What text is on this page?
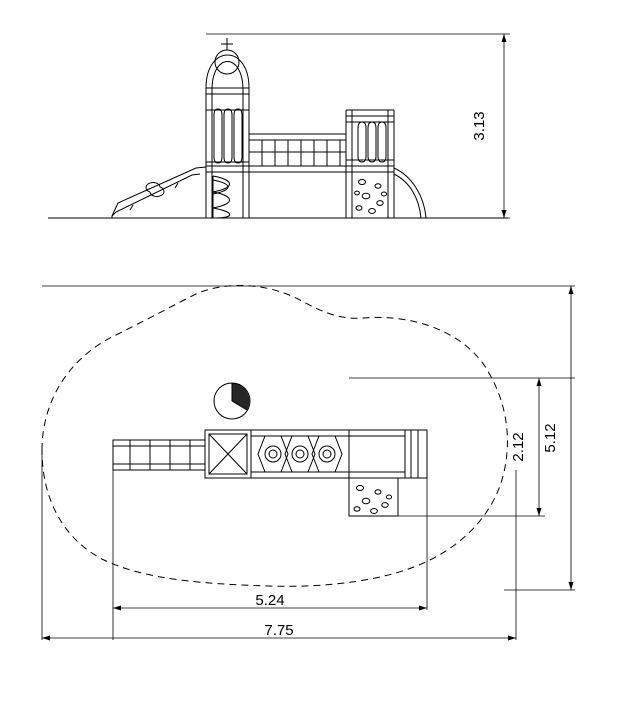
3.13
2.12 5.12
5.24
7.75
